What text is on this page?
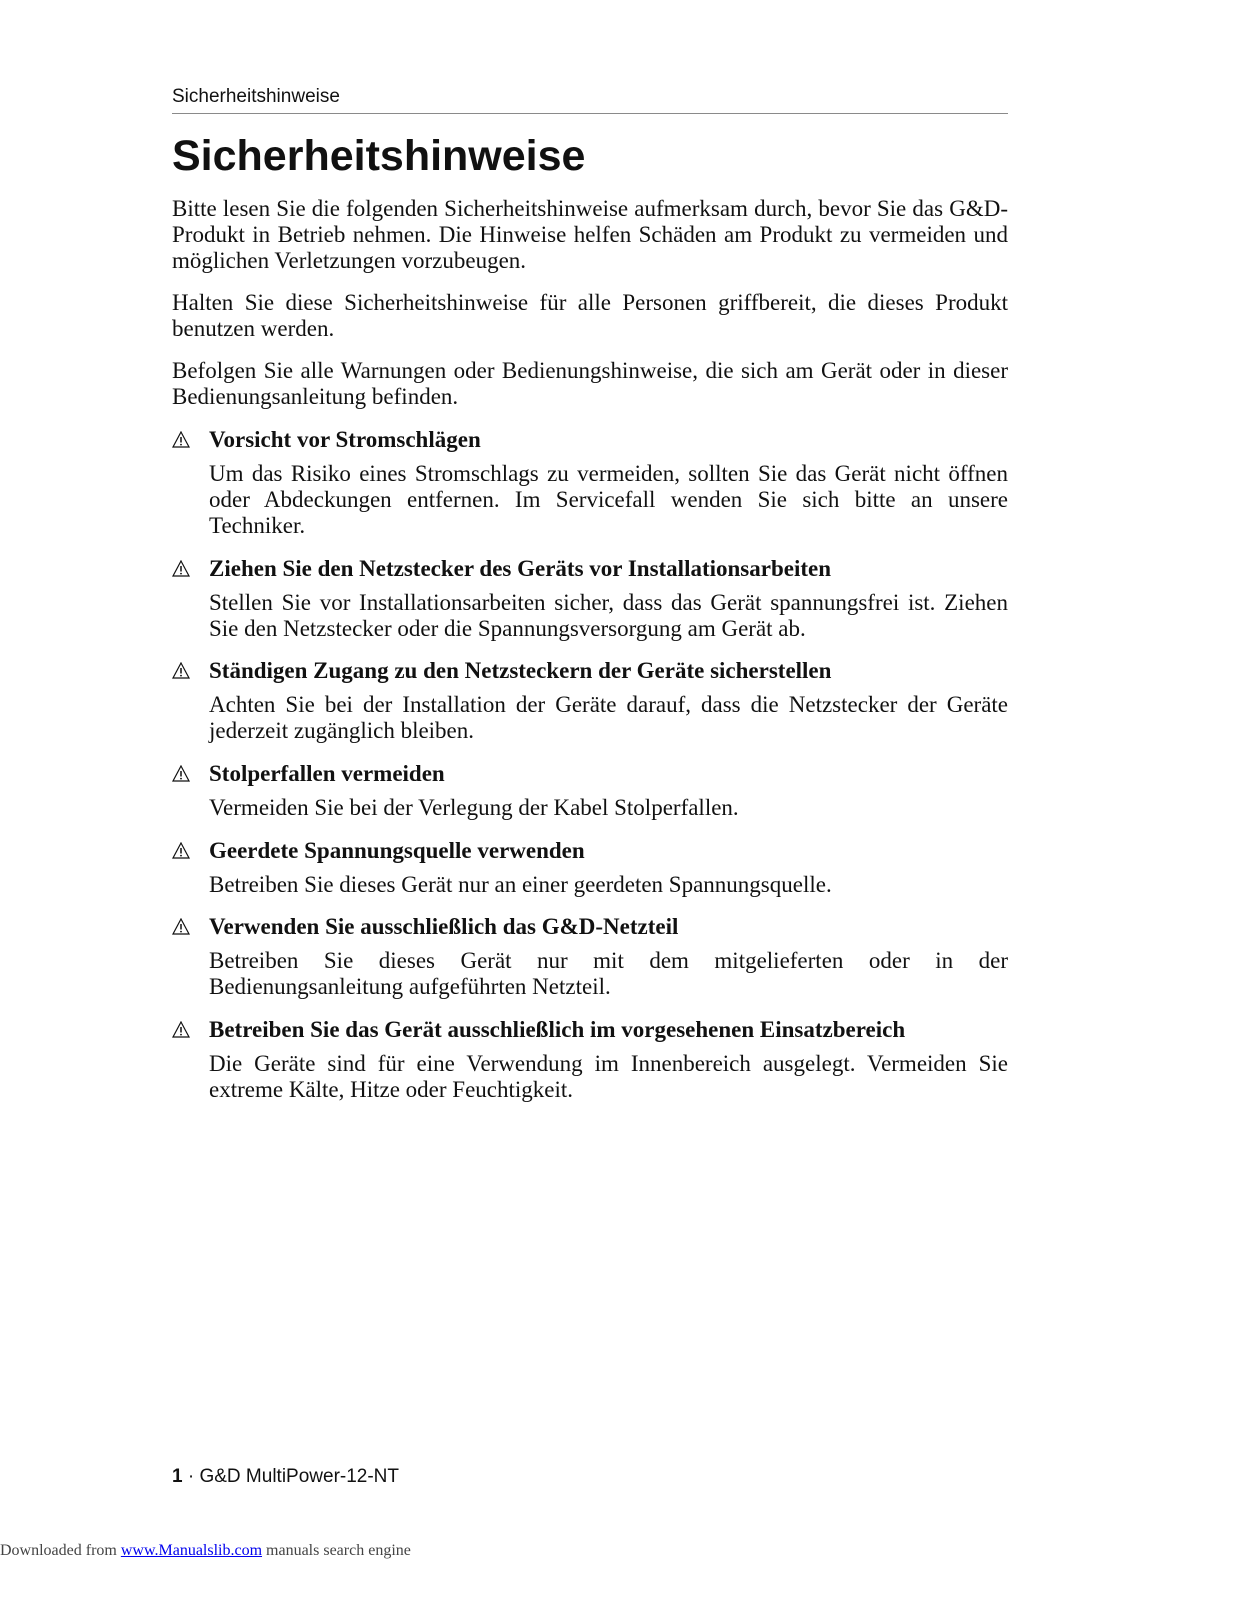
Sicherheitshinweise
Sicherheitshinweise

Bitte lesen Sie die folgenden Sicherheitshinweise aufmerksam durch, bevor Sie das G&D-Produkt in Betrieb nehmen. Die Hinweise helfen Schäden am Produkt zu vermeiden und möglichen Verletzungen vorzubeugen.

Halten Sie diese Sicherheitshinweise für alle Personen griffbereit, die dieses Produkt benutzen werden.

Befolgen Sie alle Warnungen oder Bedienungshinweise, die sich am Gerät oder in dieser Bedienungsanleitung befinden.

Vorsicht vor Stromschlägen

Um das Risiko eines Stromschlags zu vermeiden, sollten Sie das Gerät nicht öffnen oder Abdeckungen entfernen. Im Servicefall wenden Sie sich bitte an unsere Techniker.

Ziehen Sie den Netzstecker des Geräts vor Installationsarbeiten

Stellen Sie vor Installationsarbeiten sicher, dass das Gerät spannungsfrei ist. Ziehen Sie den Netzstecker oder die Spannungsversorgung am Gerät ab.

Ständigen Zugang zu den Netzsteckern der Geräte sicherstellen

Achten Sie bei der Installation der Geräte darauf, dass die Netzstecker der Geräte jederzeit zugänglich bleiben.

Stolperfallen vermeiden

Vermeiden Sie bei der Verlegung der Kabel Stolperfallen.

Geerdete Spannungsquelle verwenden

Betreiben Sie dieses Gerät nur an einer geerdeten Spannungsquelle.

Verwenden Sie ausschließlich das G&D-Netzteil

Betreiben Sie dieses Gerät nur mit dem mitgelieferten oder in der Bedienungsanleitung aufgeführten Netzteil.

Betreiben Sie das Gerät ausschließlich im vorgesehenen Einsatzbereich

Die Geräte sind für eine Verwendung im Innenbereich ausgelegt. Vermeiden Sie extreme Kälte, Hitze oder Feuchtigkeit.

1 · G&D MultiPower-12-NT
Downloaded from www.Manualslib.com manuals search engine
